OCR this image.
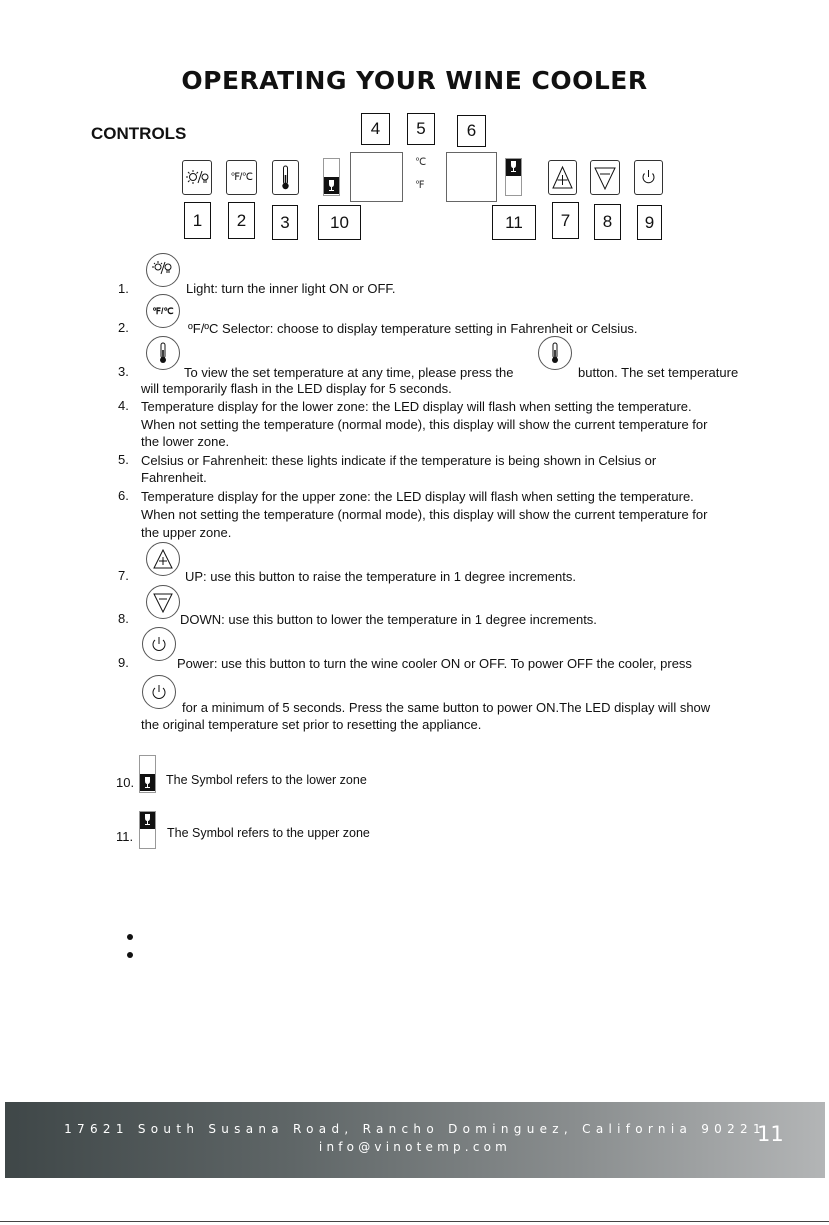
OPERATING YOUR WINE COOLER
CONTROLS	4	5	6
℉/℃
℃
℉
1	2	3	10	11	7	8	9
1.	Light: turn the inner light ON or OFF.
2.
℉/℃
ºF/ºC Selector: choose to display temperature setting in Fahrenheit or Celsius.
3.	To view the set temperature at any time, please press the	button. The set temperature
will temporarily flash in the LED display for 5 seconds.
4. Temperature display for the lower zone: the LED display will flash when setting the temperature.
When not setting the temperature (normal mode), this display will show the current temperature for
the lower zone.
5. Celsius or Fahrenheit: these lights indicate if the temperature is being shown in Celsius or
Fahrenheit.
6. Temperature display for the upper zone: the LED display will flash when setting the temperature.
When not setting the temperature (normal mode), this display will show the current temperature for
the upper zone.
7.	UP: use this button to raise the temperature in 1 degree increments.
8.	DOWN: use this button to lower the temperature in 1 degree increments.
9.	Power: use this button to turn the wine cooler ON or OFF. To power OFF the cooler, press
for a minimum of 5 seconds. Press the same button to power ON.The LED display will show
the original temperature set prior to resetting the appliance.
10.	The Symbol refers to the lower zone
11.	The Symbol refers to the upper zone
17621 South Susana Road, Rancho Dominguez, California 90221
info@vinotemp.com
11
